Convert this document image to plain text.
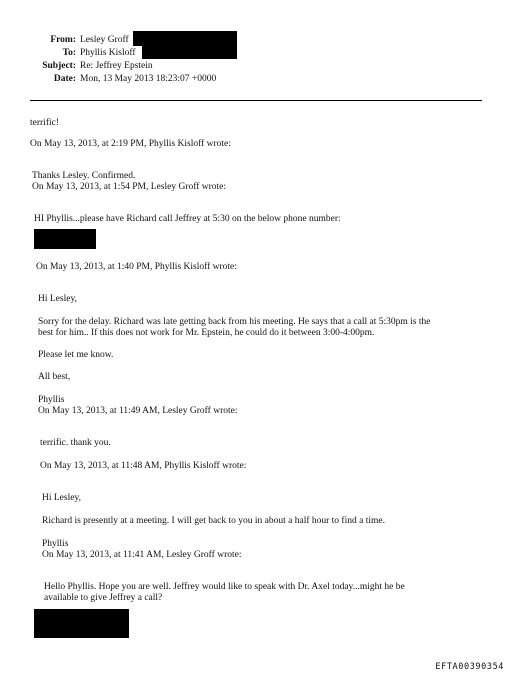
From: Lesley Groff
To: Phyllis Kisloff
Subject: Re: Jeffrey Epstein
Date: Mon, 13 May 2013 18:23:07 +0000
terrific!
On May 13, 2013, at 2:19 PM, Phyllis Kisloff wrote:
Thanks Lesley. Confirmed.
On May 13, 2013, at 1:54 PM, Lesley Groff wrote:
HI Phyllis...please have Richard call Jeffrey at 5:30 on the below phone number:
On May 13, 2013, at 1:40 PM, Phyllis Kisloff wrote:
Hi Lesley,
Sorry for the delay. Richard was late getting back from his meeting. He says that a call at 5:30pm is the
best for him.. If this does not work for Mr. Epstein, he could do it between 3:00-4:00pm.
Please let me know.
All best,
Phyllis
On May 13, 2013, at 11:49 AM, Lesley Groff wrote:
terrific. thank you.
On May 13, 2013, at 11:48 AM, Phyllis Kisloff wrote:
Hi Lesley,
Richard is presently at a meeting. I will get back to you in about a half hour to find a time.
Phyllis
On May 13, 2013, at 11:41 AM, Lesley Groff wrote:
Hello Phyllis. Hope you are well. Jeffrey would like to speak with Dr. Axel today...might he be
available to give Jeffrey a call?
EFTA00390354
